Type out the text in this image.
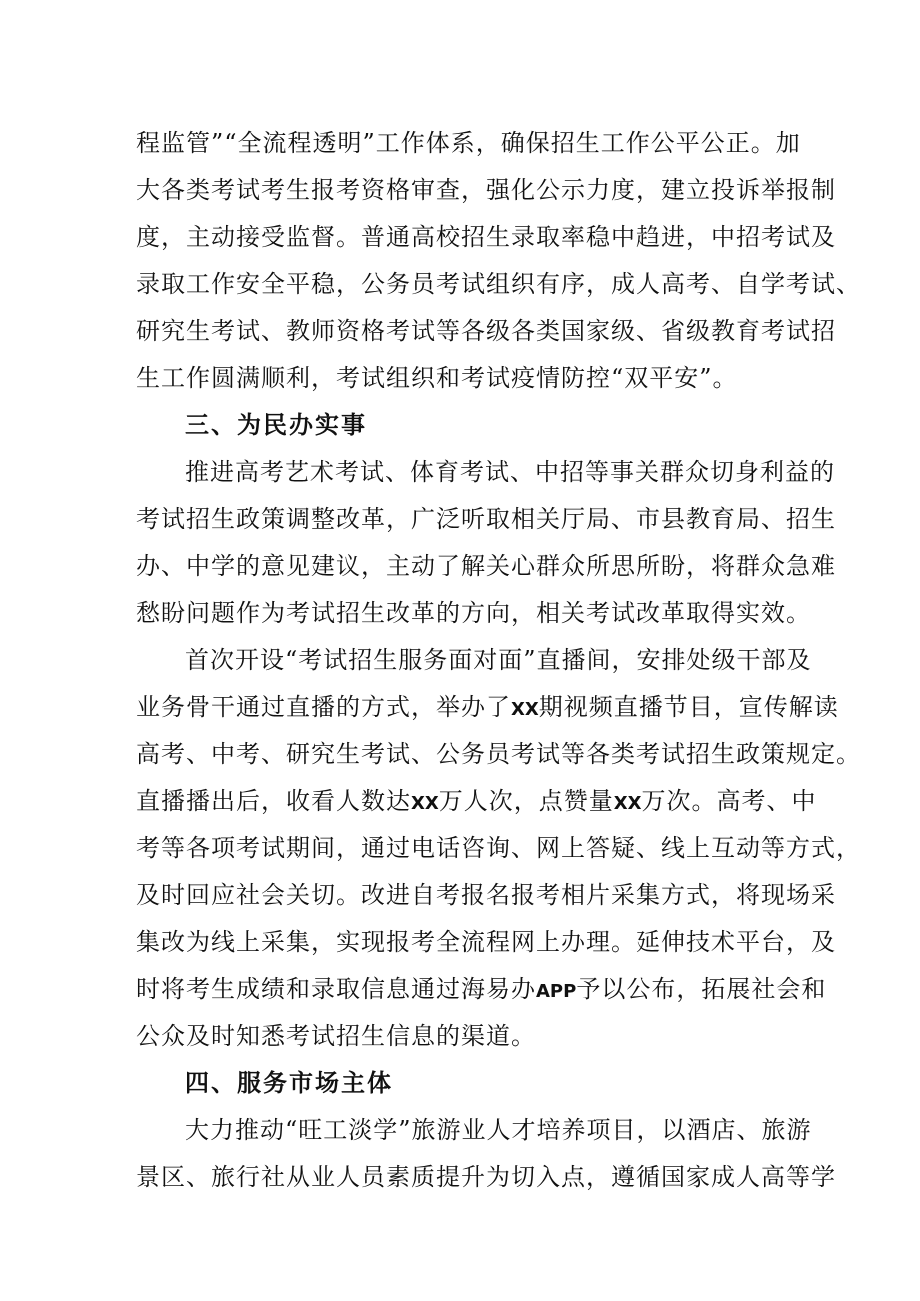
程监管”“全流程透明”工作体系，确保招生工作公平公正。加
大各类考试考生报考资格审查，强化公示力度，建立投诉举报制
度，主动接受监督。普通高校招生录取率稳中趋进，中招考试及
录取工作安全平稳，公务员考试组织有序，成人高考、自学考试、
研究生考试、教师资格考试等各级各类国家级、省级教育考试招
生工作圆满顺利，考试组织和考试疫情防控“双平安”。
三、为民办实事
推进高考艺术考试、体育考试、中招等事关群众切身利益的
考试招生政策调整改革，广泛听取相关厅局、市县教育局、招生
办、中学的意见建议，主动了解关心群众所思所盼，将群众急难
愁盼问题作为考试招生改革的方向，相关考试改革取得实效。
首次开设“考试招生服务面对面”直播间，安排处级干部及
业务骨干通过直播的方式，举办了XX期视频直播节目，宣传解读
高考、中考、研究生考试、公务员考试等各类考试招生政策规定。
直播播出后，收看人数达XX万人次，点赞量XX万次。高考、中
考等各项考试期间，通过电话咨询、网上答疑、线上互动等方式，
及时回应社会关切。改进自考报名报考相片采集方式，将现场采
集改为线上采集，实现报考全流程网上办理。延伸技术平台，及
时将考生成绩和录取信息通过海易办APP予以公布，拓展社会和
公众及时知悉考试招生信息的渠道。
四、服务市场主体
大力推动“旺工淡学”旅游业人才培养项目，以酒店、旅游
景区、旅行社从业人员素质提升为切入点，遵循国家成人高等学
